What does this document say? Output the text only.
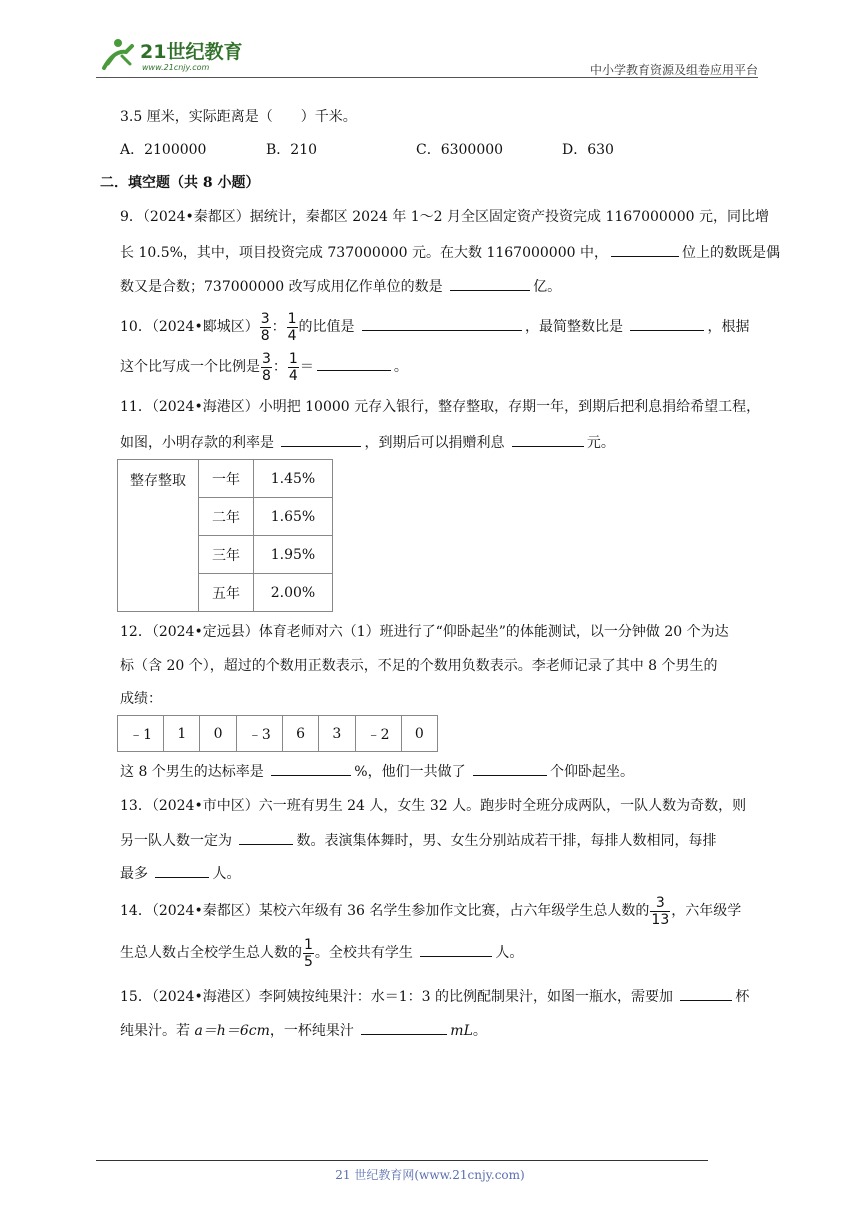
21世纪教育
www.21cnjy.com	中小学教育资源及组卷应用平台
3.5 厘米，实际距离是（　　）千米。
A．2100000	B．210	C．6300000	D．630
二．填空题（共 8 小题）
9．（2024•秦都区）据统计，秦都区 2024 年 1～2 月全区固定资产投资完成 1167000000 元，同比增
长 10.5%，其中，项目投资完成 737000000 元。在大数 1167000000 中，	位上的数既是偶
数又是合数；737000000 改写成用亿作单位的数是	亿。
10．（2024•郾城区） $\frac{3}{8}$ ： $\frac{1}{4}$ 的比值是	，最简整数比是	，根据
这个比写成一个比例是 $\frac{3}{8}$ ： $\frac{1}{4}$ ＝	。
11．（2024•海港区）小明把 10000 元存入银行，整存整取，存期一年，到期后把利息捐给希望工程，
如图，小明存款的利率是	，到期后可以捐赠利息	元。
整存整取	一年	1.45%
	二年	1.65%
	三年	1.95%
	五年	2.00%
12．（2024•定远县）体育老师对六（1）班进行了“仰卧起坐”的体能测试，以一分钟做 20 个为达
标（含 20 个），超过的个数用正数表示，不足的个数用负数表示。李老师记录了其中 8 个男生的
成绩：
﹣1	1	0	﹣3	6	3	﹣2	0
这 8 个男生的达标率是	%，他们一共做了	个仰卧起坐。
13．（2024•市中区）六一班有男生 24 人，女生 32 人。跑步时全班分成两队，一队人数为奇数，则
另一队人数一定为	数。表演集体舞时，男、女生分别站成若干排，每排人数相同，每排
最多	人。
14．（2024•秦都区）某校六年级有 36 名学生参加作文比赛，占六年级学生总人数的 $\frac{3}{13}$ ，六年级学
生总人数占全校学生总人数的 $\frac{1}{5}$ 。全校共有学生	人。
15．（2024•海港区）李阿姨按纯果汁：水＝1：3 的比例配制果汁，如图一瓶水，需要加	杯
纯果汁。若 a＝h＝6cm，一杯纯果汁	mL。
21 世纪教育网(www.21cnjy.com)
